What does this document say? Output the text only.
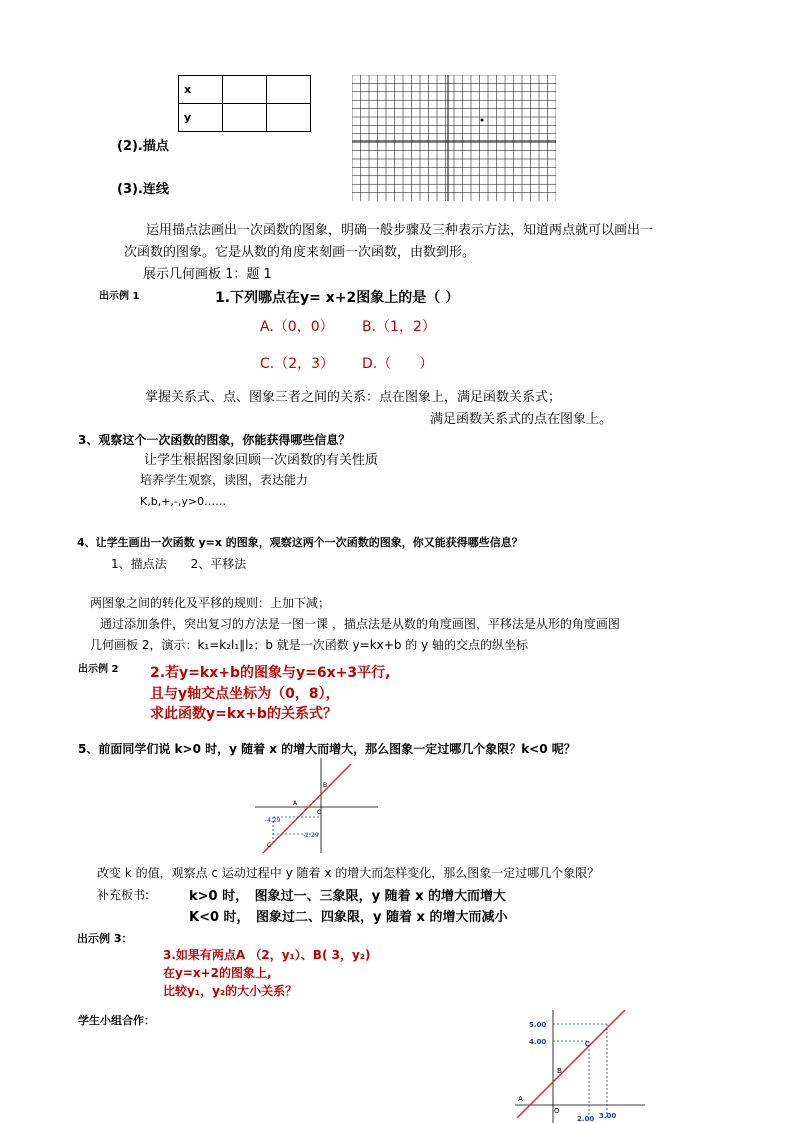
x		
y		
(2).描点
(3).连线
运用描点法画出一次函数的图象，明确一般步骤及三种表示方法，知道两点就可以画出一
次函数的图象。它是从数的角度来刻画一次函数，由数到形。
展示几何画板 1：题 1
出示例 1	1.下列哪点在y= x+2图象上的是（ ）
A.（0，0） B.（1，2）
C.（2，3） D.（　　）
掌握关系式、点、图象三者之间的关系：点在图象上，满足函数关系式；
满足函数关系式的点在图象上。
3、观察这个一次函数的图象，你能获得哪些信息？
让学生根据图象回顾一次函数的有关性质
培养学生观察，读图，表达能力
K,b,+,-,y>0……
4、让学生画出一次函数 y=x 的图象，观察这两个一次函数的图象，你又能获得哪些信息？
1、描点法　　2、平移法
两图象之间的转化及平移的规则：上加下减；
通过添加条件，突出复习的方法是一图一课 ，描点法是从数的角度画图，平移法是从形的角度画图
几何画板 2，演示：k₁=k₂l₁∥l₂；b 就是一次函数 y=kx+b 的 y 轴的交点的纵坐标
出示例 2 2.若y=kx+b的图象与y=6x+3平行,
且与y轴交点坐标为（0，8），
求此函数y=kx+b的关系式？
5、前面同学们说 k>0 时，y 随着 x 的增大而增大，那么图象一定过哪几个象限？k<0 呢？
B
A
O
C
-4.29
-2.29
改变 k 的值，观察点 c 运动过程中 y 随着 x 的增大而怎样变化，那么图象一定过哪几个象限？
补充板书:	k>0 时，　图象过一、三象限，y 随着 x 的增大而增大
K<0 时，　图象过二、四象限，y 随着 x 的增大而减小
出示例 3：
3.如果有两点A （2，y₁）、B( 3，y₂)
在y=x+2的图象上,
比较y₁，y₂的大小关系？
学生小组合作：	5.00
4.00
2.00 3.00
O
A
B
C
